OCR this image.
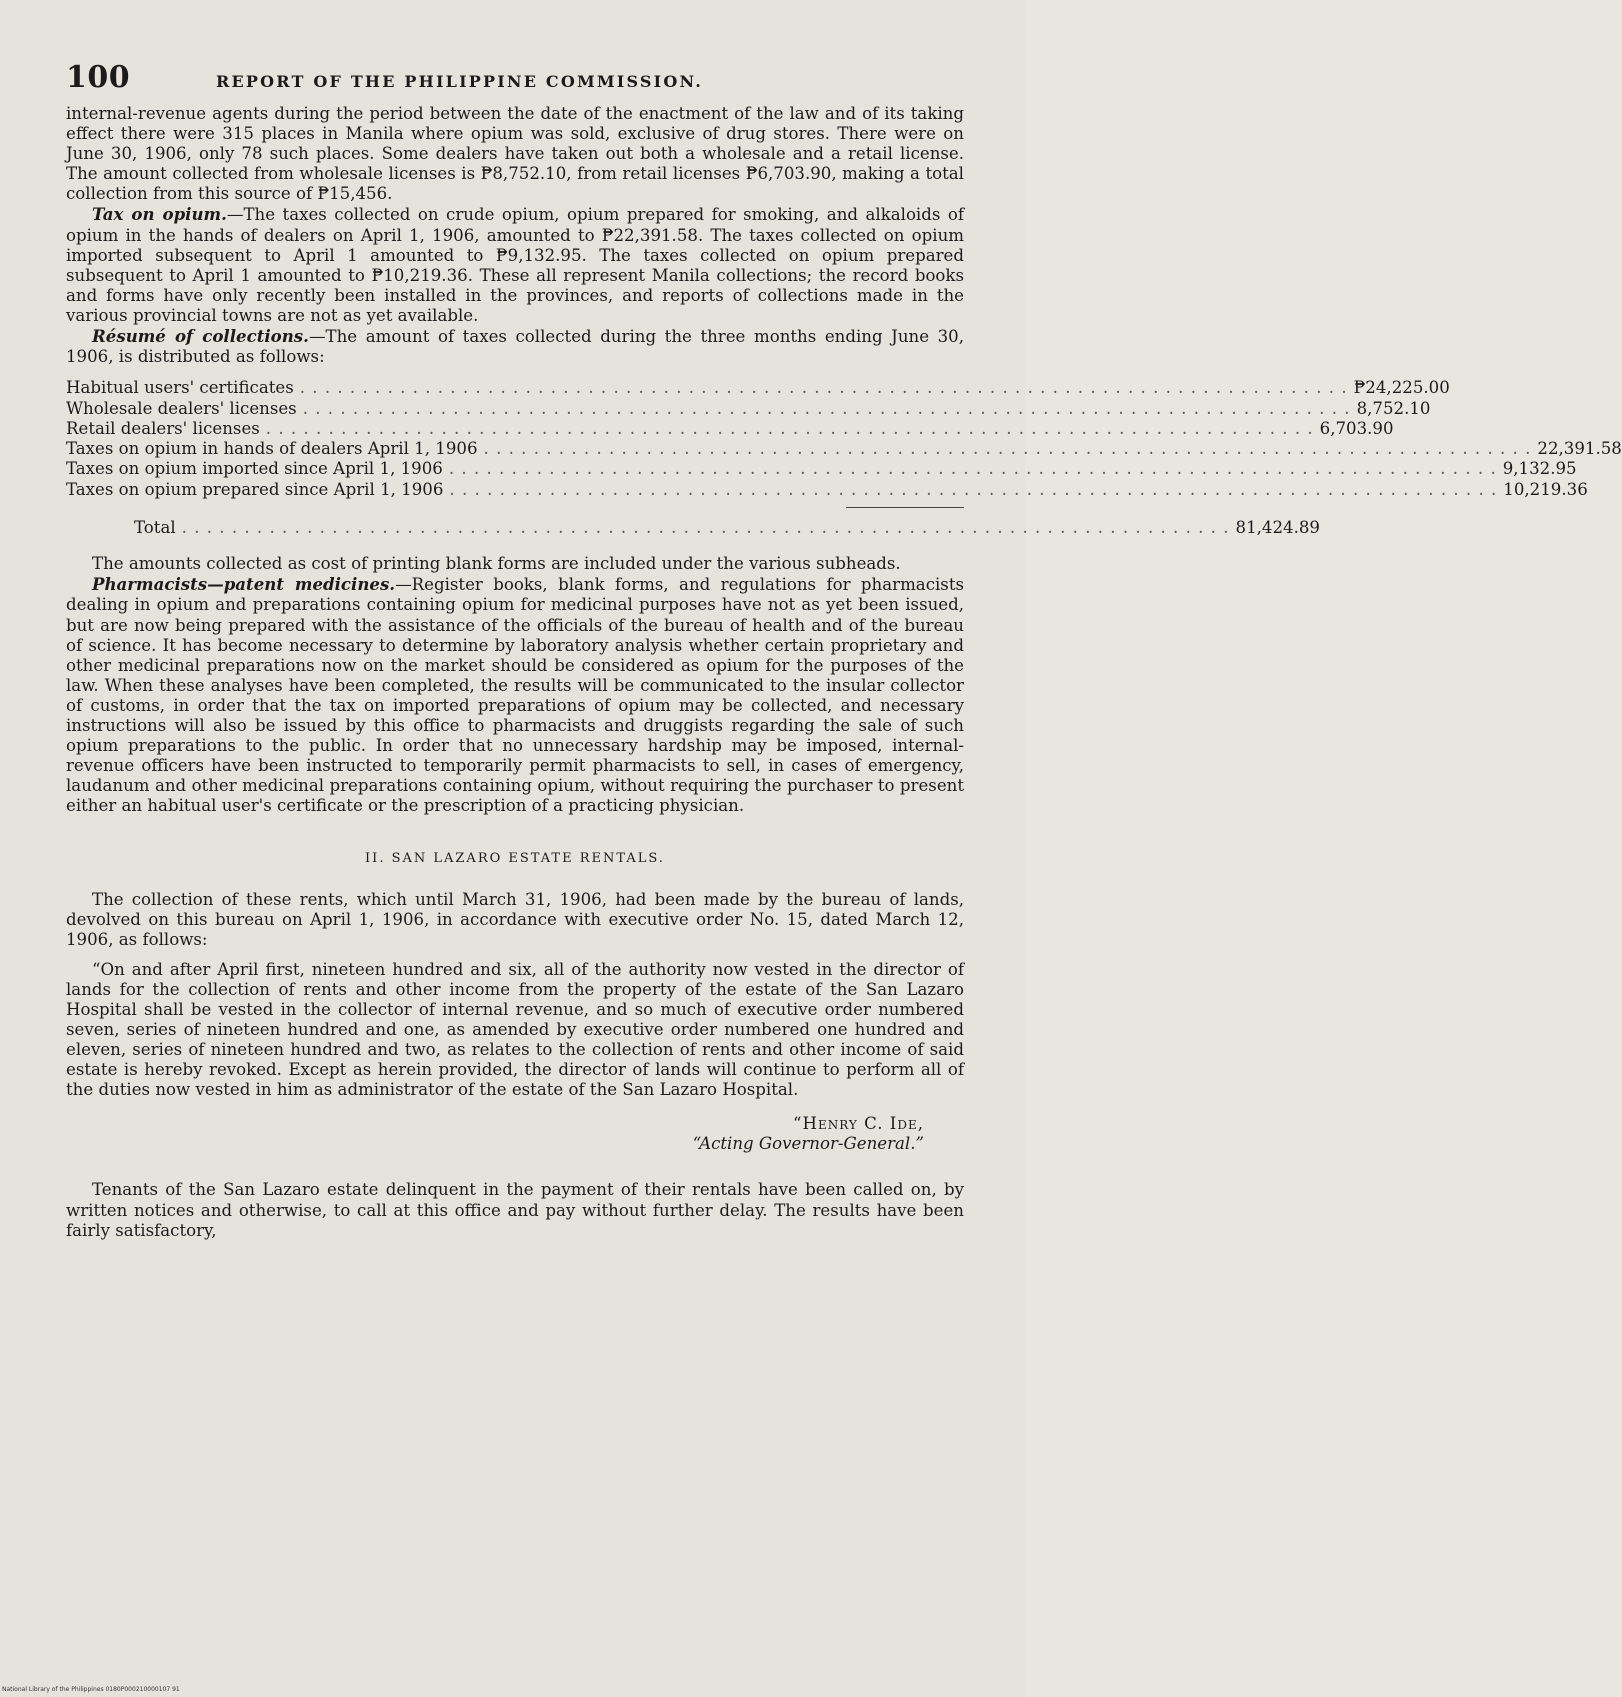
100	REPORT OF THE PHILIPPINE COMMISSION.

internal-revenue agents during the period between the date of the enactment of the law and of its taking effect there were 315 places in Manila where opium was sold, exclusive of drug stores. There were on June 30, 1906, only 78 such places. Some dealers have taken out both a wholesale and a retail license. The amount collected from wholesale licenses is ₱8,752.10, from retail licenses ₱6,703.90, making a total collection from this source of ₱15,456.

Tax on opium.—The taxes collected on crude opium, opium prepared for smoking, and alkaloids of opium in the hands of dealers on April 1, 1906, amounted to ₱22,391.58. The taxes collected on opium imported subsequent to April 1 amounted to ₱9,132.95. The taxes collected on opium prepared subsequent to April 1 amounted to ₱10,219.36. These all represent Manila collections; the record books and forms have only recently been installed in the provinces, and reports of collections made in the various provincial towns are not as yet available.

Résumé of collections.—The amount of taxes collected during the three months ending June 30, 1906, is distributed as follows:

Habitual users' certificates . . . . . . . . . . . . . . . . . . . . . . . . . . . . . . . . . . . . . . . . . . . . . . . . . . . . . . . . . . . . . . . . . . . . . . . . . . . . . . . . . . . . ₱24,225.00
Wholesale dealers' licenses . . . . . . . . . . . . . . . . . . . . . . . . . . . . . . . . . . . . . . . . . . . . . . . . . . . . . . . . . . . . . . . . . . . . . . . . . . . . . . . . . . . . 8,752.10
Retail dealers' licenses . . . . . . . . . . . . . . . . . . . . . . . . . . . . . . . . . . . . . . . . . . . . . . . . . . . . . . . . . . . . . . . . . . . . . . . . . . . . . . . . . . . . 6,703.90
Taxes on opium in hands of dealers April 1, 1906 . . . . . . . . . . . . . . . . . . . . . . . . . . . . . . . . . . . . . . . . . . . . . . . . . . . . . . . . . . . . . . . . . . . . . . . . . . . . . . . . . . . . 22,391.58
Taxes on opium imported since April 1, 1906 . . . . . . . . . . . . . . . . . . . . . . . . . . . . . . . . . . . . . . . . . . . . . . . . . . . . . . . . . . . . . . . . . . . . . . . . . . . . . . . . . . . . 9,132.95
Taxes on opium prepared since April 1, 1906 . . . . . . . . . . . . . . . . . . . . . . . . . . . . . . . . . . . . . . . . . . . . . . . . . . . . . . . . . . . . . . . . . . . . . . . . . . . . . . . . . . . . 10,219.36
Total . . . . . . . . . . . . . . . . . . . . . . . . . . . . . . . . . . . . . . . . . . . . . . . . . . . . . . . . . . . . . . . . . . . . . . . . . . . . . . . . . . . . 81,424.89

The amounts collected as cost of printing blank forms are included under the various subheads.

Pharmacists—patent medicines.—Register books, blank forms, and regulations for pharmacists dealing in opium and preparations containing opium for medicinal purposes have not as yet been issued, but are now being prepared with the assistance of the officials of the bureau of health and of the bureau of science. It has become necessary to determine by laboratory analysis whether certain proprietary and other medicinal preparations now on the market should be considered as opium for the purposes of the law. When these analyses have been completed, the results will be communicated to the insular collector of customs, in order that the tax on imported preparations of opium may be collected, and necessary instructions will also be issued by this office to pharmacists and druggists regarding the sale of such opium preparations to the public. In order that no unnecessary hardship may be imposed, internal-revenue officers have been instructed to temporarily permit pharmacists to sell, in cases of emergency, laudanum and other medicinal preparations containing opium, without requiring the purchaser to present either an habitual user's certificate or the prescription of a practicing physician.

II. SAN LAZARO ESTATE RENTALS.

The collection of these rents, which until March 31, 1906, had been made by the bureau of lands, devolved on this bureau on April 1, 1906, in accordance with executive order No. 15, dated March 12, 1906, as follows:

“On and after April first, nineteen hundred and six, all of the authority now vested in the director of lands for the collection of rents and other income from the property of the estate of the San Lazaro Hospital shall be vested in the collector of internal revenue, and so much of executive order numbered seven, series of nineteen hundred and one, as amended by executive order numbered one hundred and eleven, series of nineteen hundred and two, as relates to the collection of rents and other income of said estate is hereby revoked. Except as herein provided, the director of lands will continue to perform all of the duties now vested in him as administrator of the estate of the San Lazaro Hospital.

“Henry C. Ide,
“Acting Governor-General.”

Tenants of the San Lazaro estate delinquent in the payment of their rentals have been called on, by written notices and otherwise, to call at this office and pay without further delay. The results have been fairly satisfactory,

National Library of the Philippines 0180P000210000107 91
